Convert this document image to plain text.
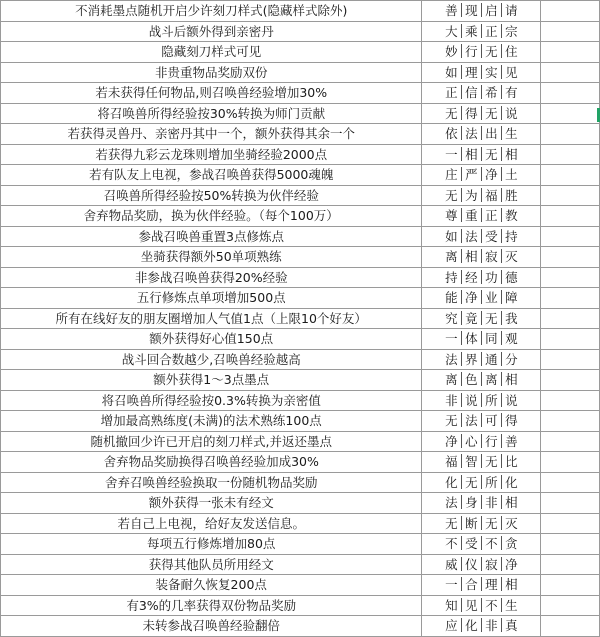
不消耗墨点随机开启少许刻刀样式(隐藏样式除外)	善 现 启 请	
战斗后额外得到亲密丹	大 乘 正 宗	
隐藏刻刀样式可见	妙 行 无 住	
非贵重物品奖励双份	如 理 实 见	
若未获得任何物品,则召唤兽经验增加30%	正 信 希 有	
将召唤兽所得经验按30%转换为师门贡献	无 得 无 说	
若获得灵兽丹、亲密丹其中一个，额外获得其余一个	依 法 出 生	
若获得九彩云龙珠则增加坐骑经验2000点	一 相 无 相	
若有队友上电视，参战召唤兽获得5000魂魄	庄 严 净 土	
召唤兽所得经验按50%转换为伙伴经验	无 为 福 胜	
舍弃物品奖励，换为伙伴经验。（每个100万）	尊 重 正 教	
参战召唤兽重置3点修炼点	如 法 受 持	
坐骑获得额外50单项熟练	离 相 寂 灭	
非参战召唤兽获得20%经验	持 经 功 德	
五行修炼点单项增加500点	能 净 业 障	
所有在线好友的朋友圈增加人气值1点（上限10个好友）	究 竟 无 我	
额外获得好心值150点	一 体 同 观	
战斗回合数越少,召唤兽经验越高	法 界 通 分	
额外获得1～3点墨点	离 色 离 相	
将召唤兽所得经验按0.3%转换为亲密值	非 说 所 说	
增加最高熟练度(未满)的法术熟练100点	无 法 可 得	
随机撤回少许已开启的刻刀样式,并返还墨点	净 心 行 善	
舍弃物品奖励换得召唤兽经验加成30%	福 智 无 比	
舍弃召唤兽经验换取一份随机物品奖励	化 无 所 化	
额外获得一张未有经文	法 身 非 相	
若自己上电视，给好友发送信息。	无 断 无 灭	
每项五行修炼增加80点	不 受 不 贪	
获得其他队员所用经文	威 仪 寂 净	
装备耐久恢复200点	一 合 理 相	
有3%的几率获得双份物品奖励	知 见 不 生	
未转参战召唤兽经验翻倍	应 化 非 真	
